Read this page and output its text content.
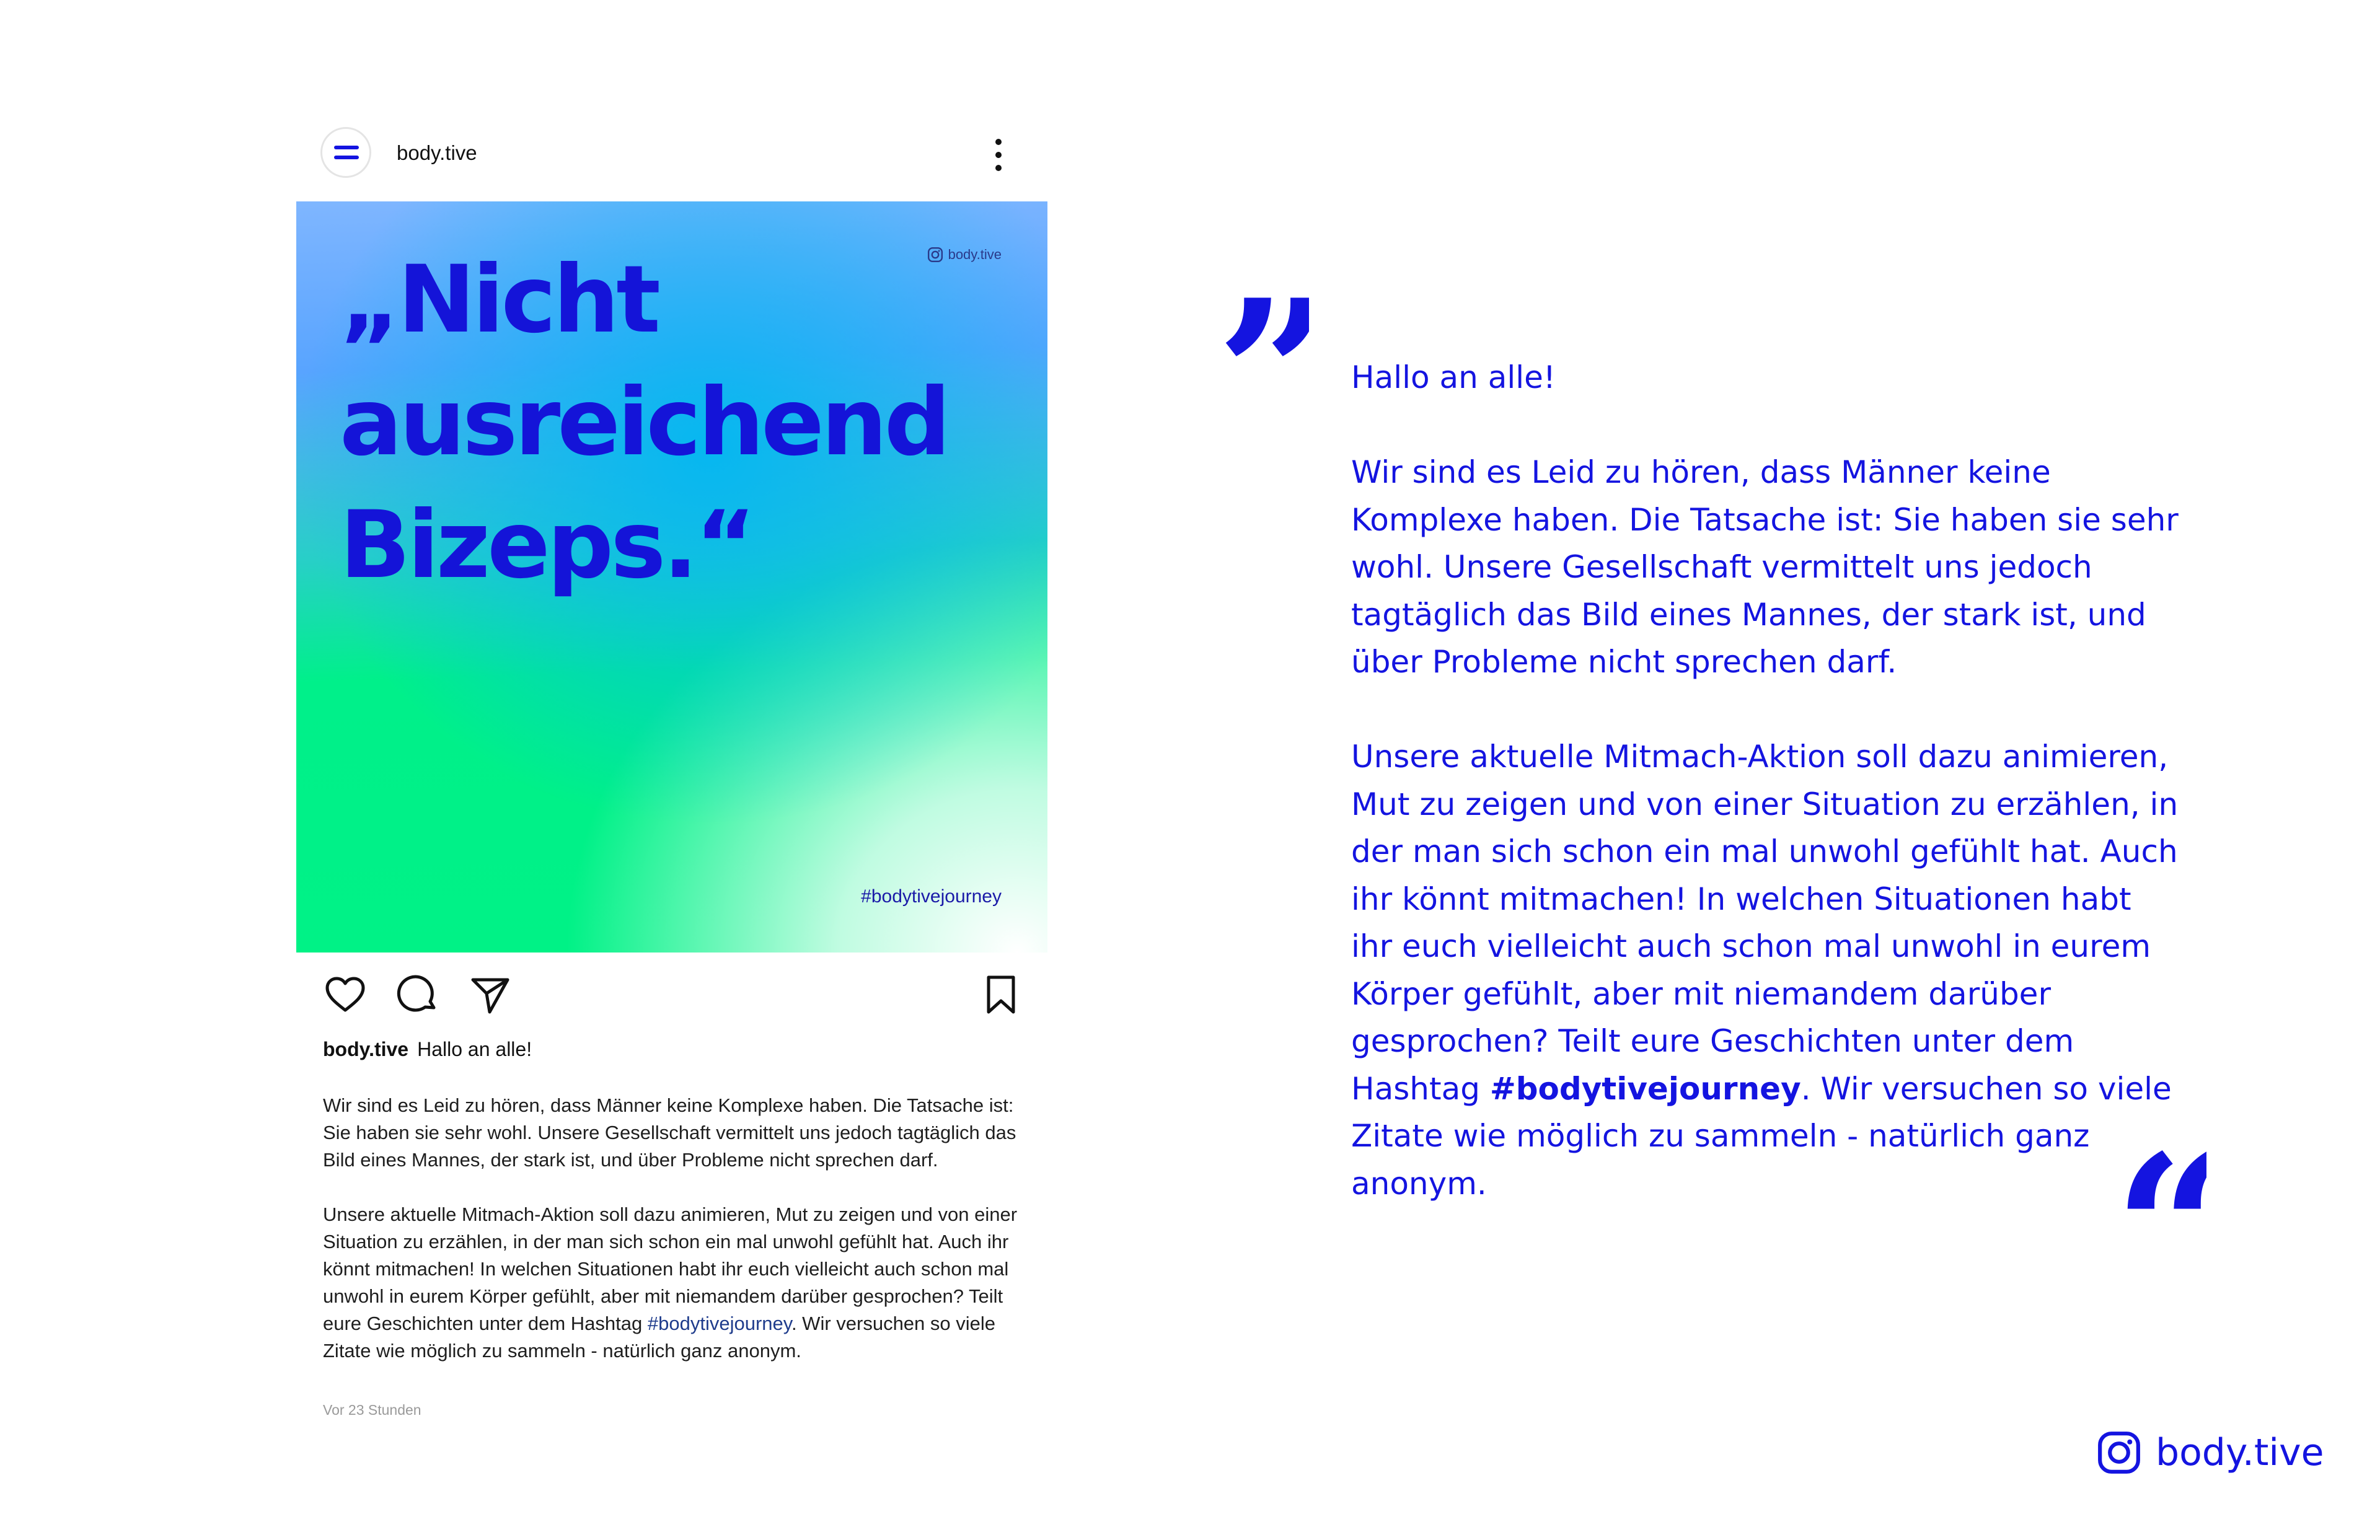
body.tive
„Nicht
ausreichend
Bizeps.“
body.tive
#bodytivejourney
body.tive Hallo an alle!

Wir sind es Leid zu hören, dass Männer keine Komplexe haben. Die Tatsache ist: Sie haben sie sehr wohl. Unsere Gesellschaft vermittelt uns jedoch tagtäglich das Bild eines Mannes, der stark ist, und über Probleme nicht sprechen darf.

Unsere aktuelle Mitmach-Aktion soll dazu animieren, Mut zu zeigen und von einer Situation zu erzählen, in der man sich schon ein mal unwohl gefühlt hat. Auch ihr könnt mitmachen! In welchen Situationen habt ihr euch vielleicht auch schon mal unwohl in eurem Körper gefühlt, aber mit niemandem darüber gesprochen? Teilt eure Geschichten unter dem Hashtag #bodytivejourney. Wir versuchen so viele Zitate wie möglich zu sammeln - natürlich ganz anonym.

Vor 23 Stunden
” Hallo an alle!

Wir sind es Leid zu hören, dass Männer keine Komplexe haben. Die Tatsache ist: Sie haben sie sehr wohl. Unsere Gesellschaft vermittelt uns jedoch tagtäglich das Bild eines Mannes, der stark ist, und über Probleme nicht sprechen darf.

Unsere aktuelle Mitmach-Aktion soll dazu animieren, Mut zu zeigen und von einer Situation zu erzählen, in der man sich schon ein mal unwohl gefühlt hat. Auch ihr könnt mitmachen! In welchen Situationen habt ihr euch vielleicht auch schon mal unwohl in eurem Körper gefühlt, aber mit niemandem darüber gesprochen? Teilt eure Geschichten unter dem Hashtag #bodytivejourney. Wir versuchen so viele Zitate wie möglich zu sammeln - natürlich ganz anonym.	“
body.tive
